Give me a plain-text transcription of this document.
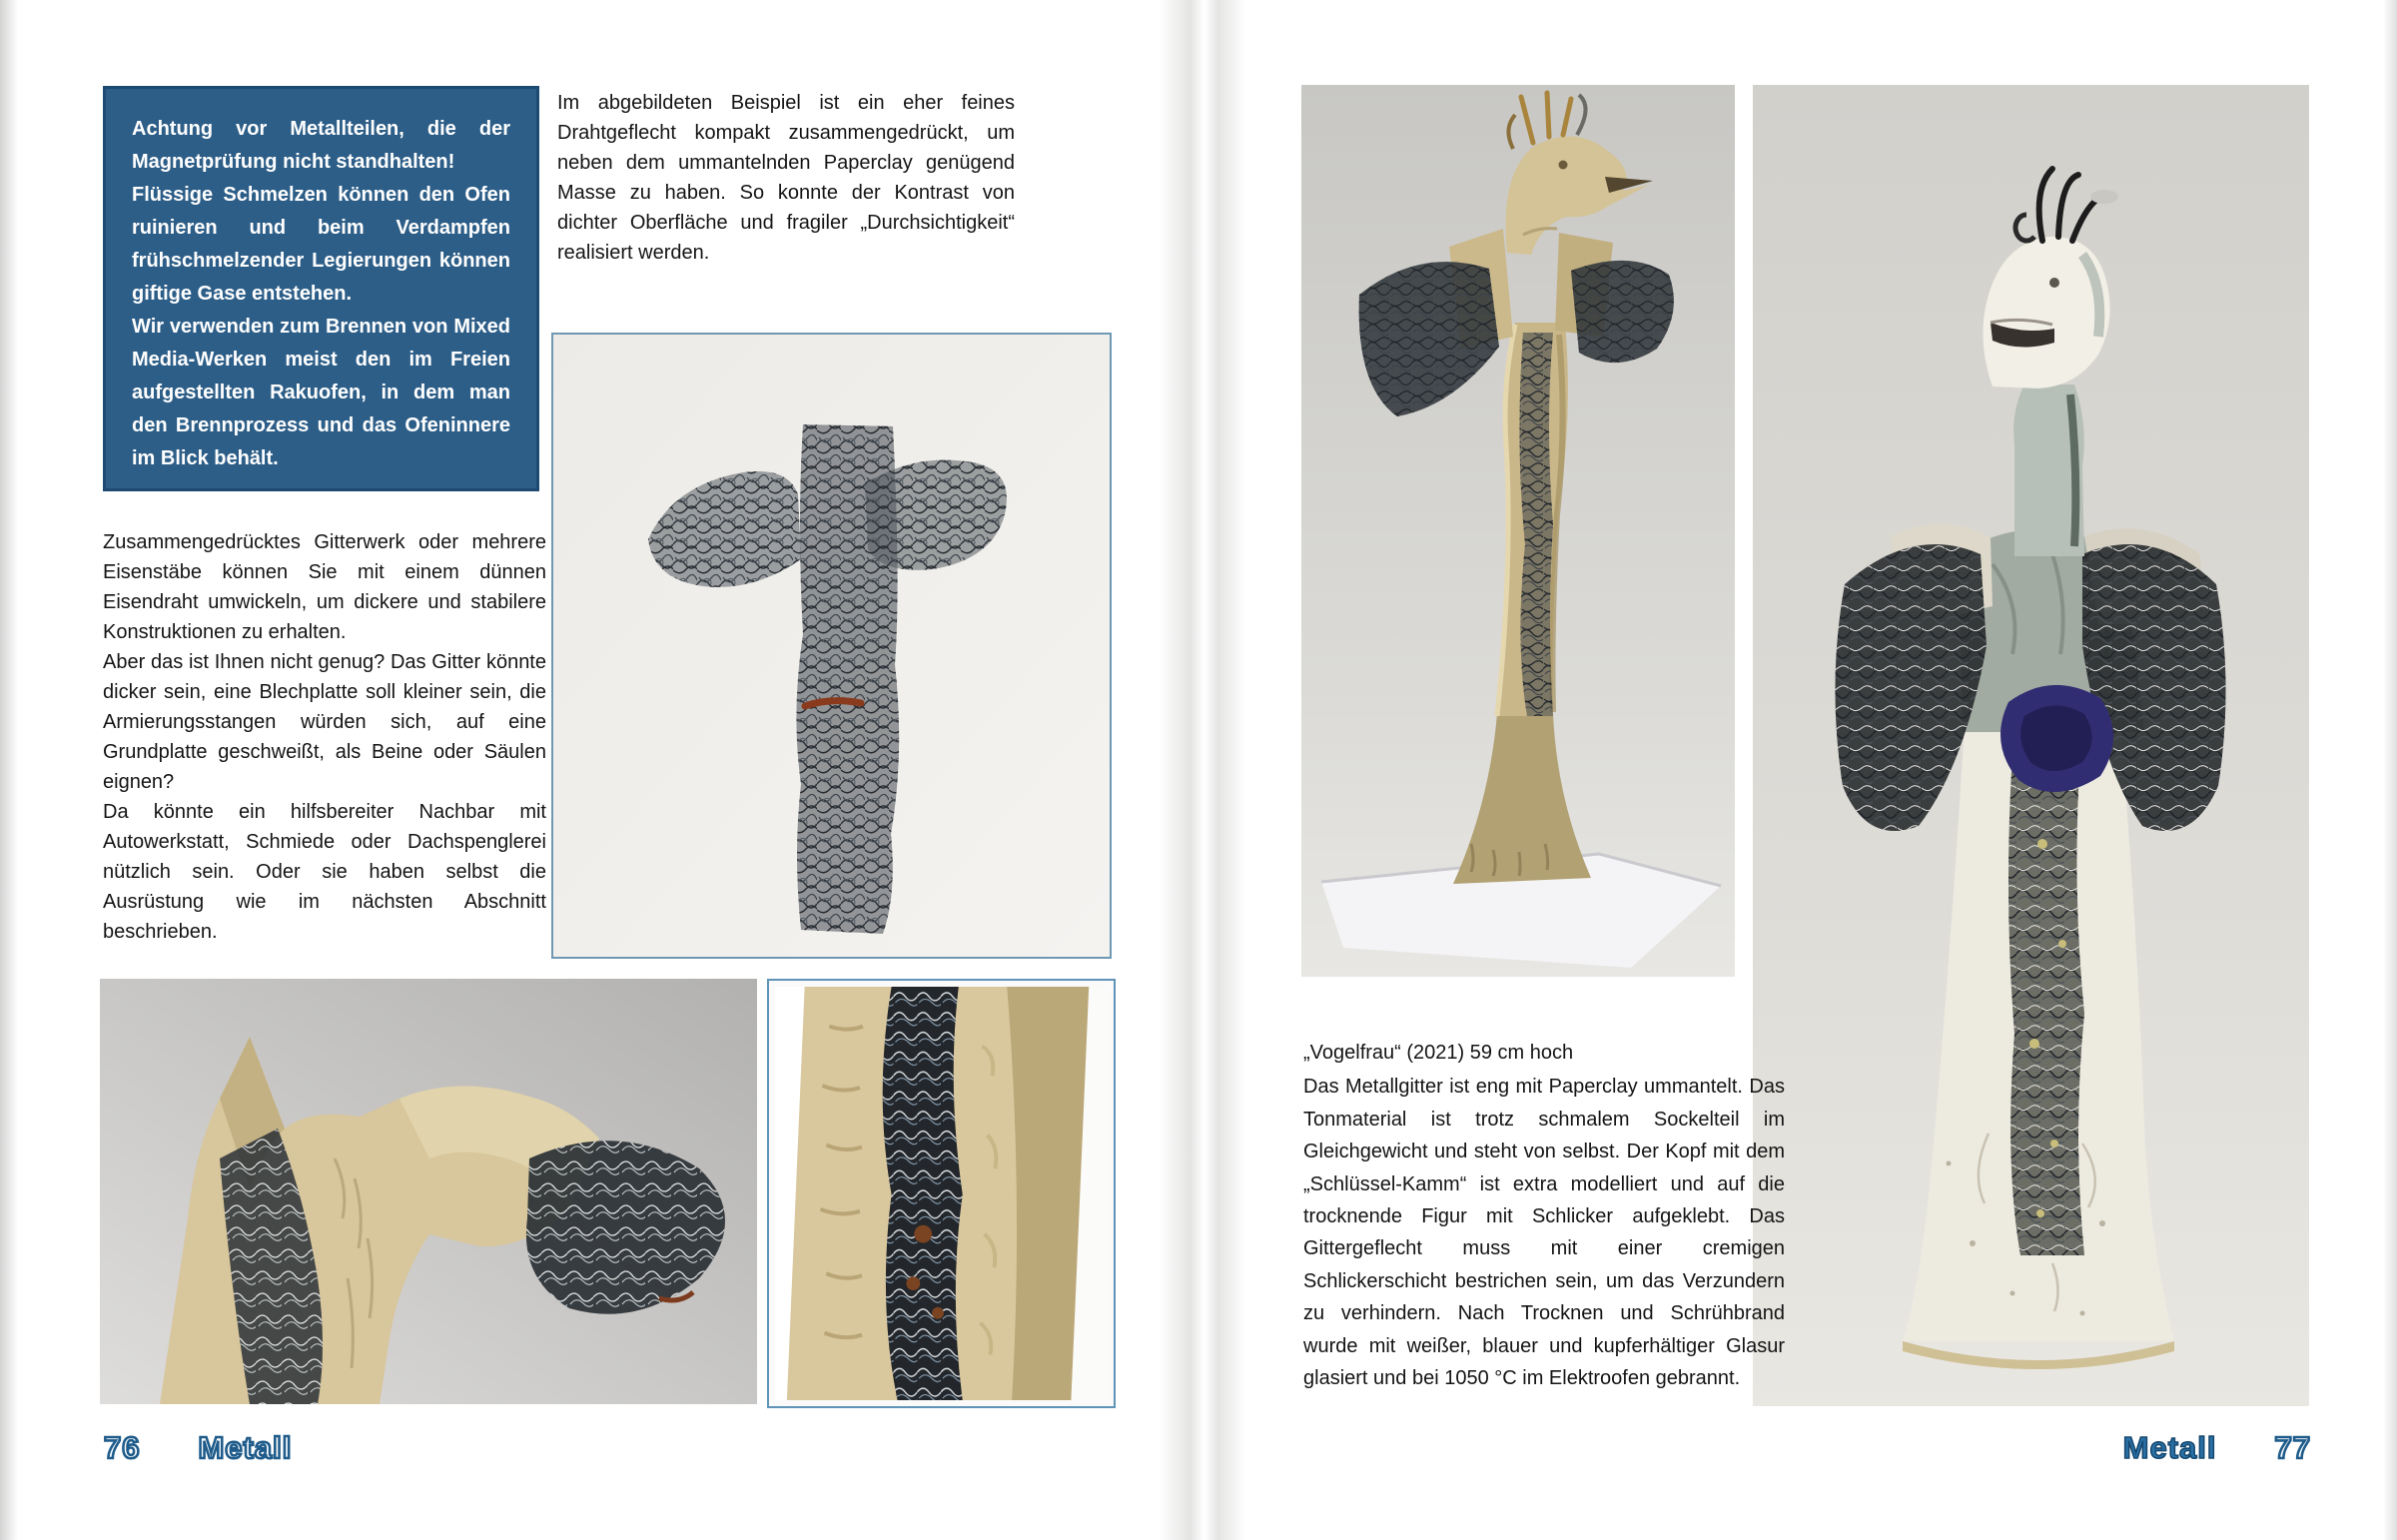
Achtung vor Metallteilen, die der Magnetprüfung nicht standhalten!

Flüssige Schmelzen können den Ofen ruinieren und beim Verdampfen frühschmelzender Legierungen können giftige Gase entstehen.

Wir verwenden zum Brennen von Mixed Media-Werken meist den im Freien aufgestellten Rakuofen, in dem man den Brennprozess und das Ofeninnere im Blick behält.

Zusammengedrücktes Gitterwerk oder mehrere Eisenstäbe können Sie mit einem dünnen Eisendraht umwickeln, um dickere und stabilere Konstruktionen zu erhalten.

Aber das ist Ihnen nicht genug? Das Gitter könnte dicker sein, eine Blechplatte soll kleiner sein, die Armierungsstangen würden sich, auf eine Grundplatte geschweißt, als Beine oder Säulen eignen?

Da könnte ein hilfsbereiter Nachbar mit Autowerkstatt, Schmiede oder Dachspenglerei nützlich sein. Oder sie haben selbst die Ausrüstung wie im nächsten Abschnitt beschrieben.

Im abgebildeten Beispiel ist ein eher feines Drahtgeflecht kompakt zusammengedrückt, um neben dem ummantelnden Paperclay genügend Masse zu haben. So konnte der Kontrast von dichter Oberfläche und fragiler „Durchsichtigkeit“ realisiert werden.

76 Metall

„Vogelfrau“ (2021) 59 cm hoch

Das Metallgitter ist eng mit Paperclay ummantelt. Das Tonmaterial ist trotz schmalem Sockelteil im Gleichgewicht und steht von selbst. Der Kopf mit dem „Schlüssel-Kamm“ ist extra modelliert und auf die trocknende Figur mit Schlicker aufgeklebt. Das Gittergeflecht muss mit einer cremigen Schlickerschicht bestrichen sein, um das Verzundern zu verhindern. Nach Trocknen und Schrühbrand wurde mit weißer, blauer und kupferhältiger Glasur glasiert und bei 1050 °C im Elektroofen gebrannt.

Metall 77
